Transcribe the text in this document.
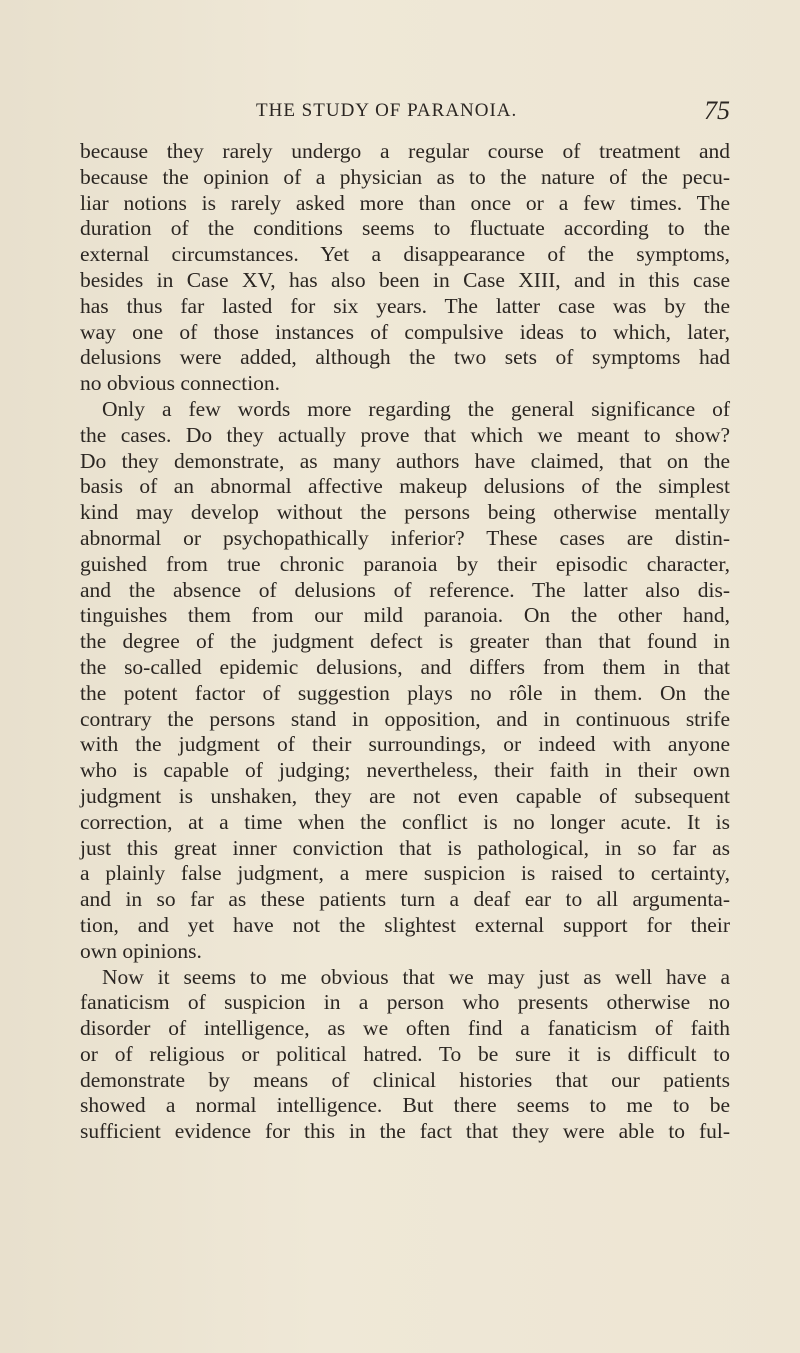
THE STUDY OF PARANOIA.	75
because they rarely undergo a regular course of treatment and
because the opinion of a physician as to the nature of the pecu-
liar notions is rarely asked more than once or a few times. The
duration of the conditions seems to fluctuate according to the
external circumstances. Yet a disappearance of the symptoms,
besides in Case XV, has also been in Case XIII, and in this case
has thus far lasted for six years. The latter case was by the
way one of those instances of compulsive ideas to which, later,
delusions were added, although the two sets of symptoms had
no obvious connection.
Only a few words more regarding the general significance of
the cases. Do they actually prove that which we meant to show?
Do they demonstrate, as many authors have claimed, that on the
basis of an abnormal affective makeup delusions of the simplest
kind may develop without the persons being otherwise mentally
abnormal or psychopathically inferior? These cases are distin-
guished from true chronic paranoia by their episodic character,
and the absence of delusions of reference. The latter also dis-
tinguishes them from our mild paranoia. On the other hand,
the degree of the judgment defect is greater than that found in
the so-called epidemic delusions, and differs from them in that
the potent factor of suggestion plays no rôle in them. On the
contrary the persons stand in opposition, and in continuous strife
with the judgment of their surroundings, or indeed with anyone
who is capable of judging; nevertheless, their faith in their own
judgment is unshaken, they are not even capable of subsequent
correction, at a time when the conflict is no longer acute. It is
just this great inner conviction that is pathological, in so far as
a plainly false judgment, a mere suspicion is raised to certainty,
and in so far as these patients turn a deaf ear to all argumenta-
tion, and yet have not the slightest external support for their
own opinions.
Now it seems to me obvious that we may just as well have a
fanaticism of suspicion in a person who presents otherwise no
disorder of intelligence, as we often find a fanaticism of faith
or of religious or political hatred. To be sure it is difficult to
demonstrate by means of clinical histories that our patients
showed a normal intelligence. But there seems to me to be
sufficient evidence for this in the fact that they were able to ful-
